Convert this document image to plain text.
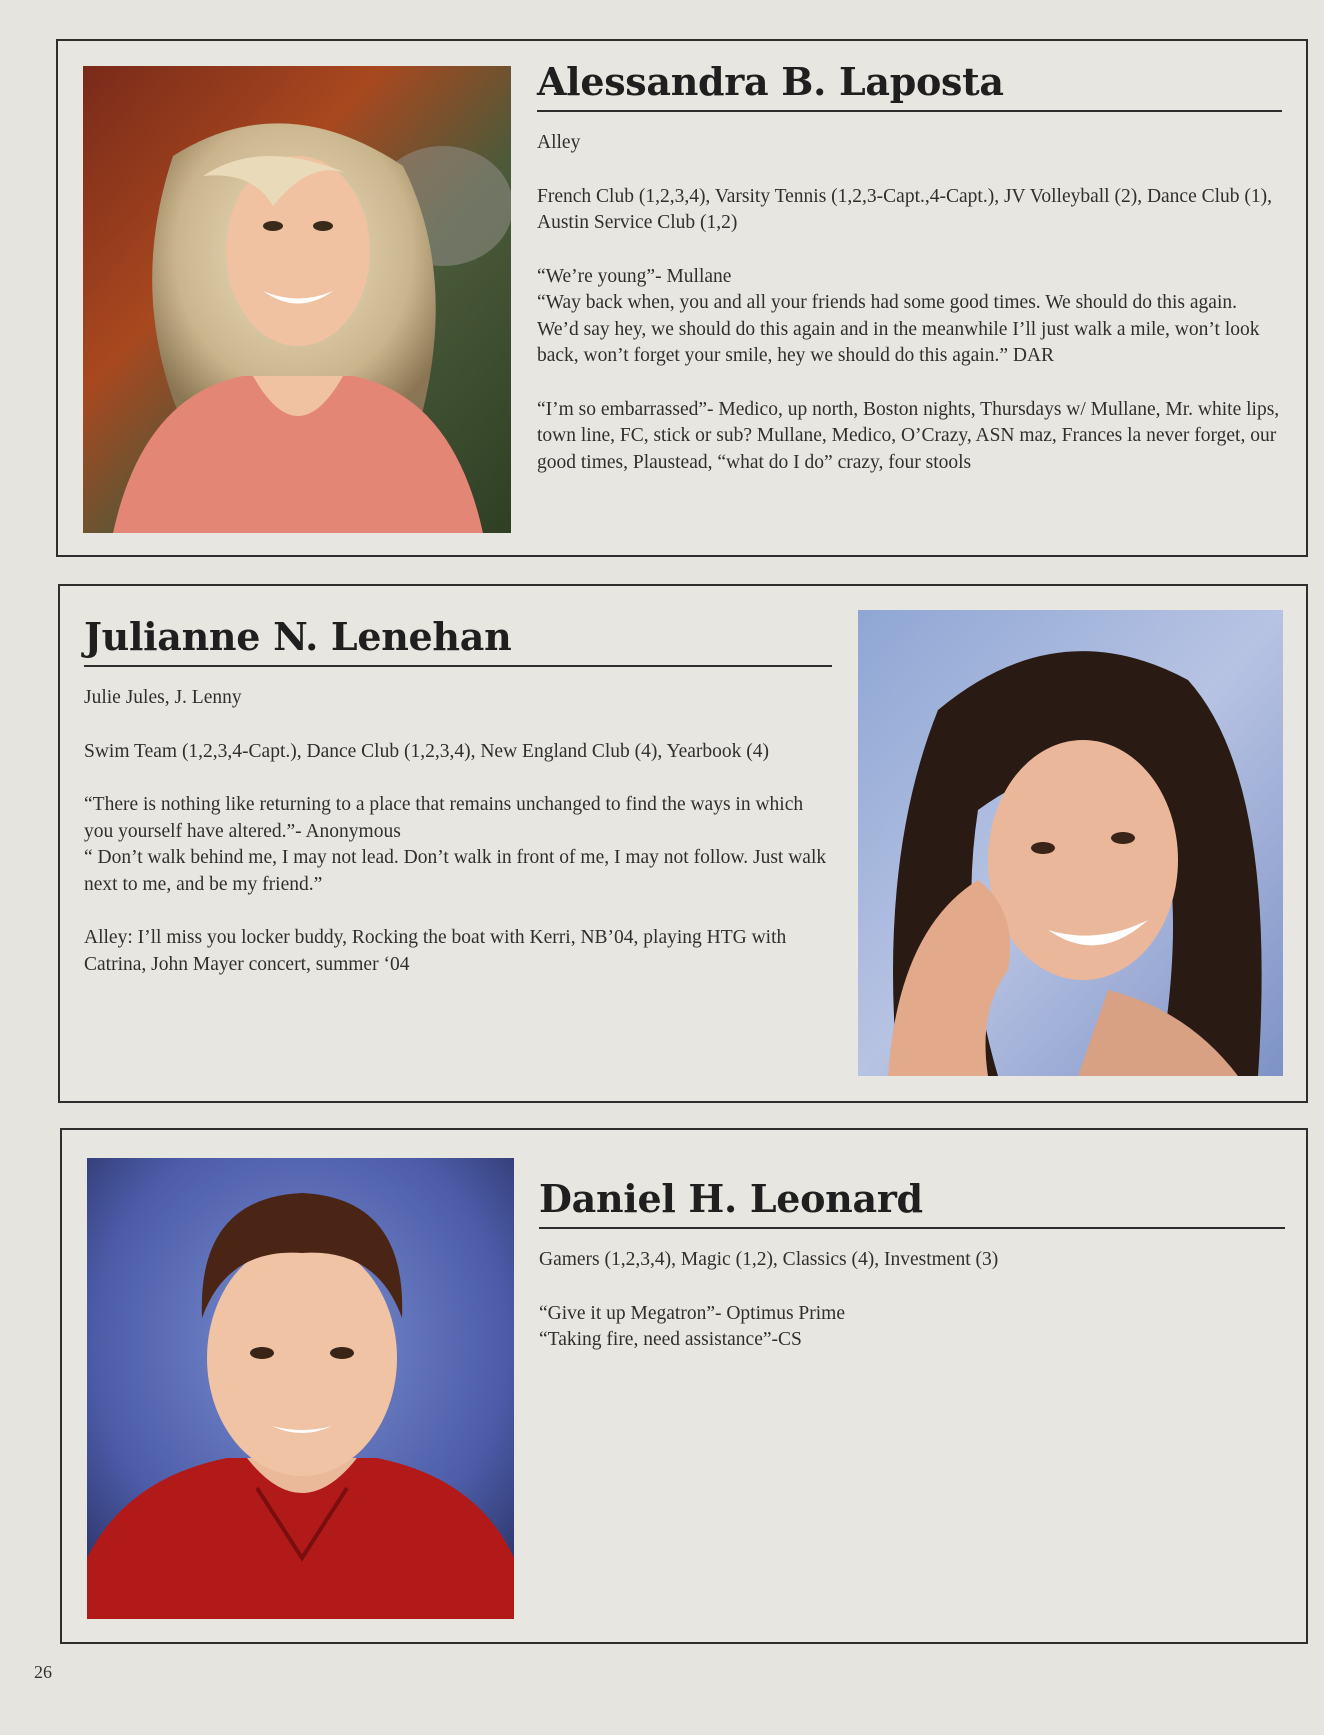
Alessandra B. Laposta

Alley

French Club (1,2,3,4), Varsity Tennis (1,2,3-Capt.,4-Capt.), JV Volleyball (2), Dance Club (1), Austin Service Club (1,2)

“We’re young”- Mullane
“Way back when, you and all your friends had some good times. We should do this again. We’d say hey, we should do this again and in the meanwhile I’ll just walk a mile, won’t look back, won’t forget your smile, hey we should do this again.” DAR

“I’m so embarrassed”- Medico, up north, Boston nights, Thursdays w/ Mullane, Mr. white lips, town line, FC, stick or sub? Mullane, Medico, O’Crazy, ASN maz, Frances la never forget, our good times, Plaustead, “what do I do” crazy, four stools

Julianne N. Lenehan

Julie Jules, J. Lenny

Swim Team (1,2,3,4-Capt.), Dance Club (1,2,3,4), New England Club (4), Yearbook (4)

“There is nothing like returning to a place that remains unchanged to find the ways in which you yourself have altered.”- Anonymous
“ Don’t walk behind me, I may not lead. Don’t walk in front of me, I may not follow. Just walk next to me, and be my friend.”

Alley: I’ll miss you locker buddy, Rocking the boat with Kerri, NB’04, playing HTG with Catrina, John Mayer concert, summer ‘04

Daniel H. Leonard

Gamers (1,2,3,4), Magic (1,2), Classics (4), Investment (3)

“Give it up Megatron”- Optimus Prime
“Taking fire, need assistance”-CS

26
